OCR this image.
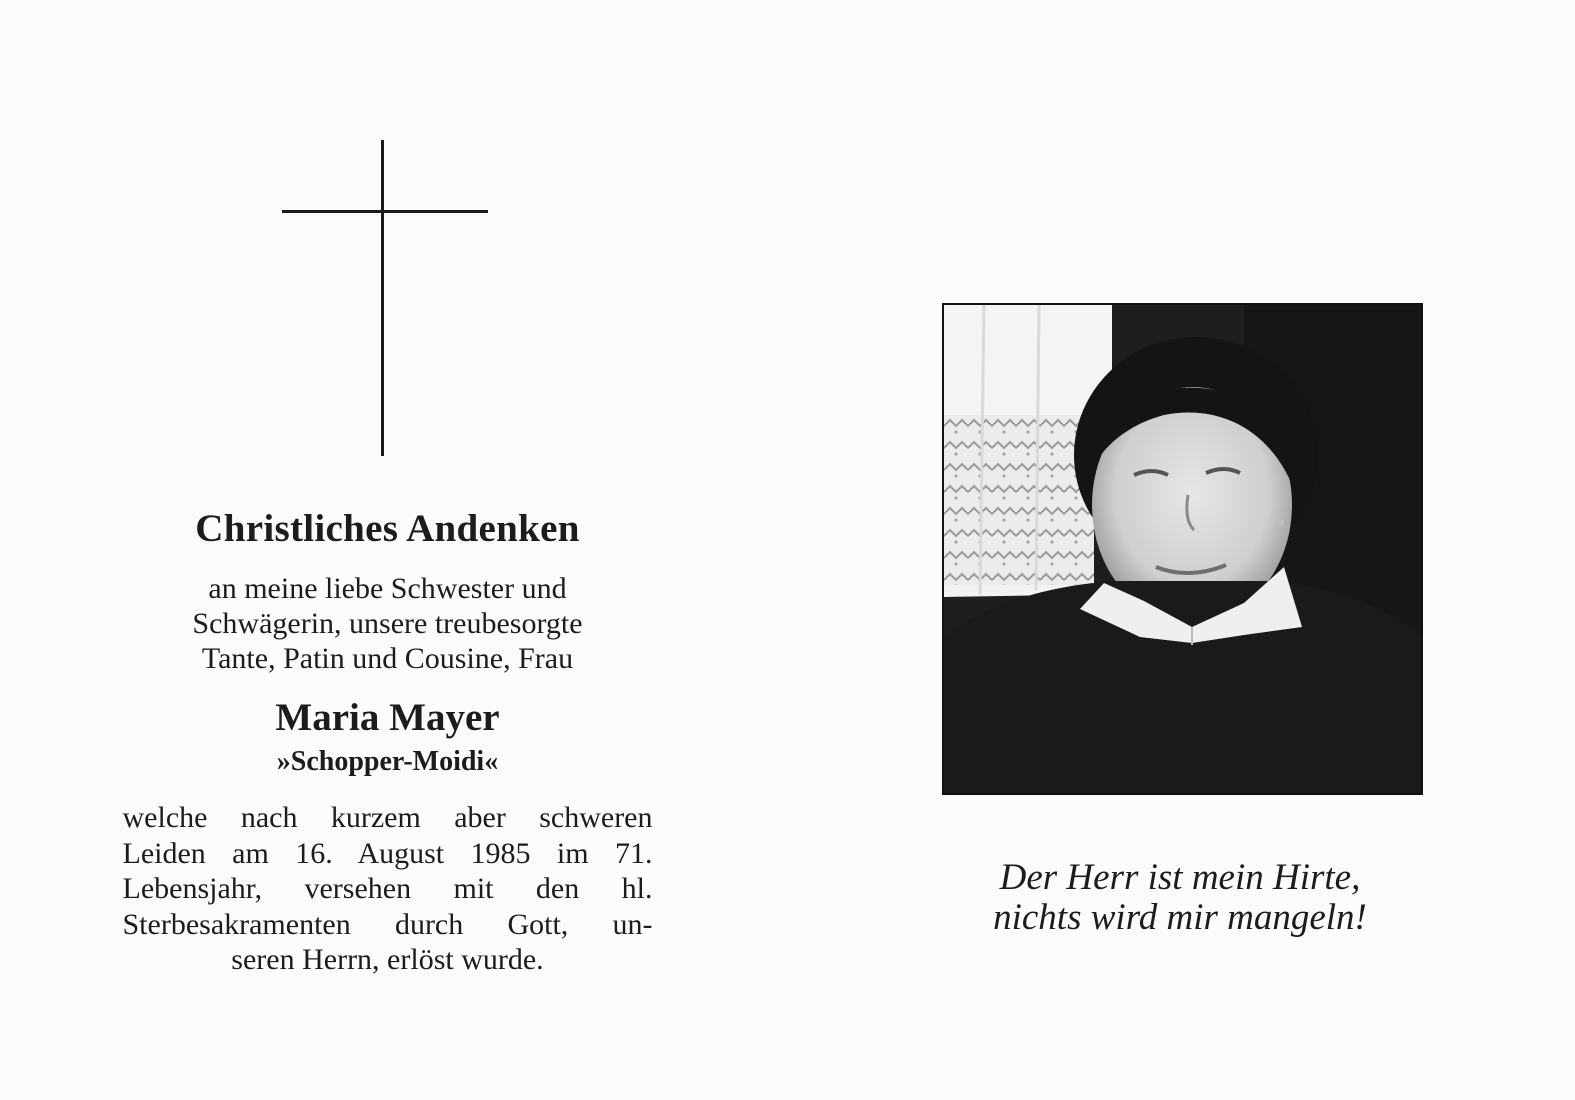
Christliches Andenken
an meine liebe Schwester und
Schwägerin, unsere treubesorgte
Tante, Patin und Cousine, Frau
Maria Mayer
»Schopper-Moidi«
welche nach kurzem aber schweren
Leiden am 16. August 1985 im 71.
Lebensjahr, versehen mit den hl.
Sterbesakramenten durch Gott, un-
seren Herrn, erlöst wurde.
Der Herr ist mein Hirte,
nichts wird mir mangeln!
